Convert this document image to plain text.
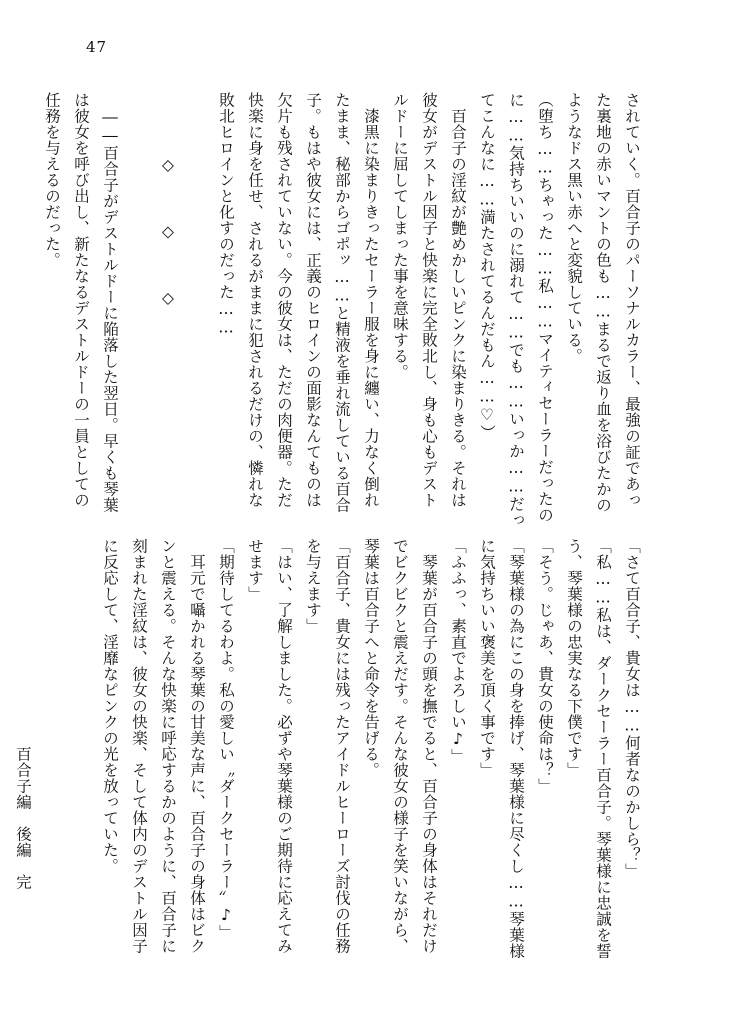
47
されていく。百合子のパーソナルカラー、最強の証であっ
た裏地の赤いマントの色も……まるで返り血を浴びたかの
ようなドス黒い赤へと変貌している。
（堕ち……ちゃった……私……マイティセーラーだったの
に……気持ちいいのに溺れて……でも……いっか……だっ
てこんなに……満たされてるんだもん……♡）
　百合子の淫紋が艶めかしいピンクに染まりきる。それは
彼女がデストル因子と快楽に完全敗北し、身も心もデスト
ルドーに屈してしまった事を意味する。
　漆黒に染まりきったセーラー服を身に纏い、力なく倒れ
たまま、秘部からゴポッ……と精液を垂れ流している百合
子。もはや彼女には、正義のヒロインの面影なんてものは
欠片も残されていない。今の彼女は、ただの肉便器。ただ
快楽に身を任せ、されるがままに犯されるだけの、憐れな
敗北ヒロインと化すのだった……
　　　　◇　　　◇　　　◇
　――百合子がデストルドーに陥落した翌日。早くも琴葉
は彼女を呼び出し、新たなるデストルドーの一員としての
任務を与えるのだった。
「さて百合子、貴女は……何者なのかしら？」
「私……私は、ダークセーラー百合子。琴葉様に忠誠を誓
う、琴葉様の忠実なる下僕です」
「そう。じゃあ、貴女の使命は？」
「琴葉様の為にこの身を捧げ、琴葉様に尽くし……琴葉様
に気持ちいい褒美を頂く事です」
「ふふっ、素直でよろしい♪」
　琴葉が百合子の頭を撫でると、百合子の身体はそれだけ
でビクビクと震えだす。そんな彼女の様子を笑いながら、
琴葉は百合子へと命令を告げる。
「百合子、貴女には残ったアイドルヒーローズ討伐の任務
を与えます」
「はい、了解しました。必ずや琴葉様のご期待に応えてみ
せます」
「期待してるわよ。私の愛しい〝ダークセーラー〟♪」
　耳元で囁かれる琴葉の甘美な声に、百合子の身体はビク
ンと震える。そんな快楽に呼応するかのように、百合子に
刻まれた淫紋は、彼女の快楽、そして体内のデストル因子
に反応して、淫靡なピンクの光を放っていた。
　　　　　　　　　　　　　百合子編　後編　完
